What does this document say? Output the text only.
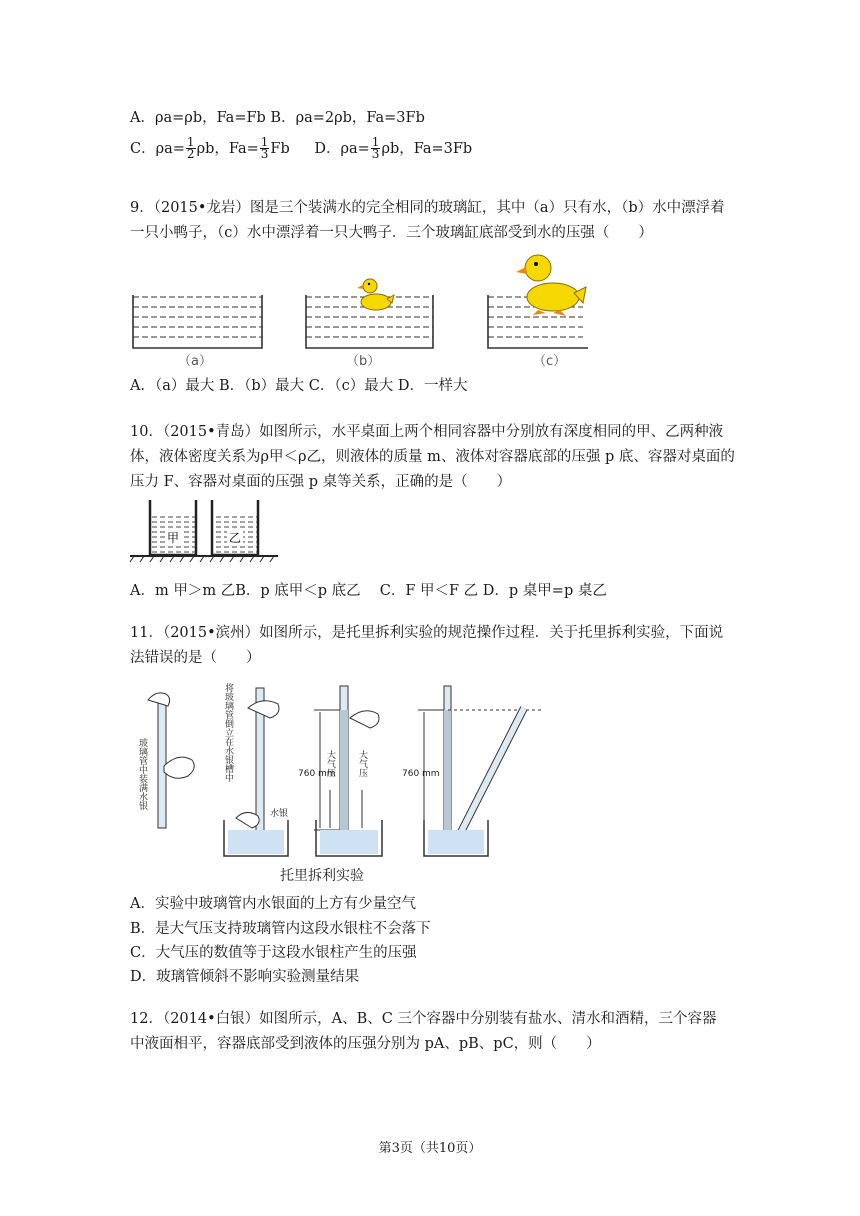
A．ρa=ρb，Fa=Fb B．ρa=2ρb，Fa=3Fb
C．$\rho a= \frac{1}{2}$ ρb，$Fa= \frac{1}{3}$ Fb D．$\rho a= \frac{1}{3}$ ρb，Fa=3Fb
9．（2015•龙岩）图是三个装满水的完全相同的玻璃缸，其中（a）只有水，（b）水中漂浮着
一只小鸭子，（c）水中漂浮着一只大鸭子．三个玻璃缸底部受到水的压强（　　）
（a）	（b）	（c）
A．（a）最大 B．（b）最大 C．（c）最大 D．一样大
10．（2015•青岛）如图所示，水平桌面上两个相同容器中分别放有深度相同的甲、乙两种液
体，液体密度关系为ρ甲＜ρ乙，则液体的质量 m、液体对容器底部的压强 p 底、容器对桌面的
压力 F、容器对桌面的压强 p 桌等关系，正确的是（　　）
甲	乙
A．m 甲＞m 乙B．p 底甲＜p 底乙　 C．F 甲＜F 乙 D．p 桌甲=p 桌乙
11．（2015•滨州）如图所示，是托里拆利实验的规范操作过程．关于托里拆利实验，下面说
法错误的是（　　）
玻璃管中装满水银	将玻璃管倒立在水银槽中
水银
760 mm
大气压 大气压	760 mm
托里拆利实验
A．实验中玻璃管内水银面的上方有少量空气
B．是大气压支持玻璃管内这段水银柱不会落下
C．大气压的数值等于这段水银柱产生的压强
D．玻璃管倾斜不影响实验测量结果
12．（2014•白银）如图所示，A、B、C 三个容器中分别装有盐水、清水和酒精，三个容器
中液面相平，容器底部受到液体的压强分别为 pA、pB、pC，则（　　）
第3页（共10页）
